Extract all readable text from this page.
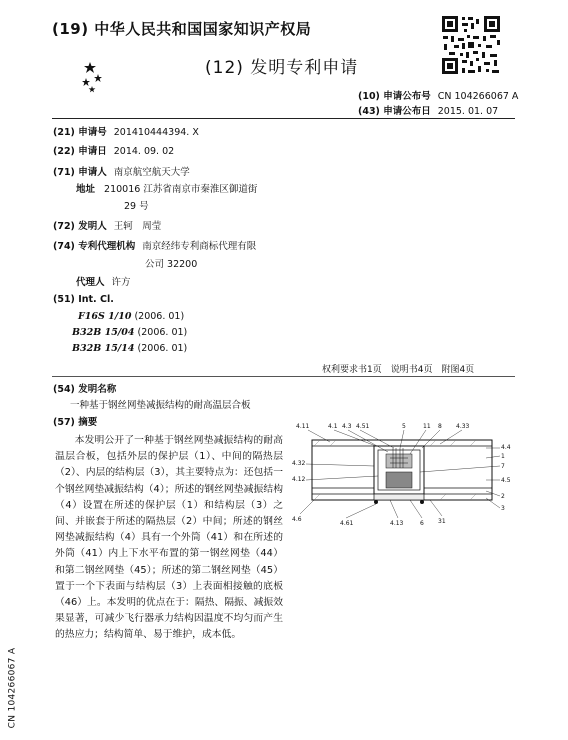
(19) 中华人民共和国国家知识产权局
(12) 发明专利申请
(10) 申请公布号 CN 104266067 A
(43) 申请公布日 2015. 01. 07
(21) 申请号 201410444394. X
(22) 申请日 2014. 09. 02
(71) 申请人 南京航空航天大学
地址 210016 江苏省南京市秦淮区御道街
29 号
(72) 发明人 王轲　周莹
(74) 专利代理机构 南京经纬专利商标代理有限
公司 32200
代理人 许方
(51) Int. Cl.
F16S 1/10 (2006. 01)
B32B 15/04 (2006. 01)
B32B 15/14 (2006. 01)
权利要求书1页　说明书4页　附图4页
(54) 发明名称
一种基于钢丝网垫减振结构的耐高温层合板
(57) 摘要

本发明公开了一种基于钢丝网垫减振结构的耐高温层合板，包括外层的保护层（1）、中间的隔热层（2）、内层的结构层（3），其主要特点为：还包括一个钢丝网垫减振结构（4）；所述的钢丝网垫减振结构（4）设置在所述的保护层（1）和结构层（3）之间、并嵌套于所述的隔热层（2）中间；所述的钢丝网垫减振结构（4）具有一个外筒（41）和在所述的外筒（41）内上下水平布置的第一钢丝网垫（44）和第二钢丝网垫（45）；所述的第二钢丝网垫（45）置于一个下表面与结构层（3）上表面相接触的底板（46）上。本发明的优点在于：隔热、隔振、减振效果显著，可减少飞行器承力结构因温度不均匀而产生的热应力；结构简单、易于维护，成本低。

4.11	4.1 4.3 4.51	5	11 8 4.33
4.4
1
7
4.5
2
3
4.32
4.12
4.6
4.61	4.13	6 31
CN 104266067 A
